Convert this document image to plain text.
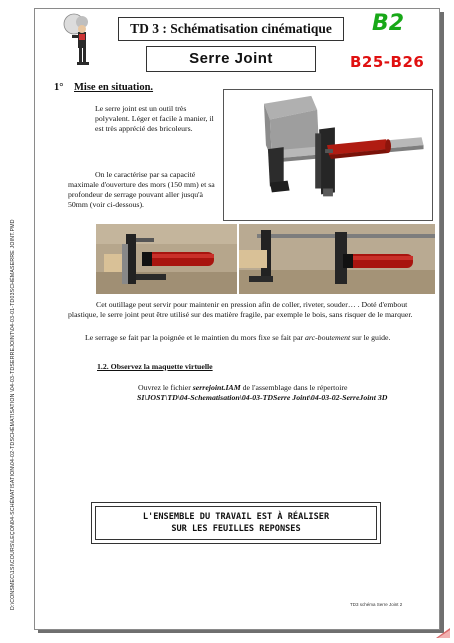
D:\CONSMEC\1SI\COURS\LEÇON04-SCHÉMATISATION\04-02-TDSCHÉMATISATION \04-03-TDSERREJOINT\04-03-01-TD03SCHÉMASERRE JOINT.PMD
TD 3 : Schématisation cinématique
Serre Joint
B2
B25-B26
1° Mise en situation.
Le serre joint est un outil très polyvalent. Léger et facile à manier, il est très apprécié des bricoleurs.
On le caractérise par sa capacité maximale d'ouverture des mors (150 mm) et sa profondeur de serrage pouvant aller jusqu'à 50mm (voir ci-dessous).
Cet outillage peut servir pour maintenir en pression afin de coller, riveter, souder… . Doté d'embout plastique, le serre joint peut être utilisé sur des matière fragile, par exemple le bois, sans risquer de le marquer.
Le serrage se fait par la poignée et le maintien du mors fixe se fait par arc-boutement sur le guide.
1.2. Observez la maquette virtuelle
Ouvrez le fichier serrejoint.IAM de l'assemblage dans le répertoire
SI\JOST\TD\04-Schematisation\04-03-TDSerre Joint\04-03-02-SerreJoint 3D
L'ENSEMBLE DU TRAVAIL EST À RÉALISER
SUR LES FEUILLES REPONSES
TD3 schéma Serre Joint 2
